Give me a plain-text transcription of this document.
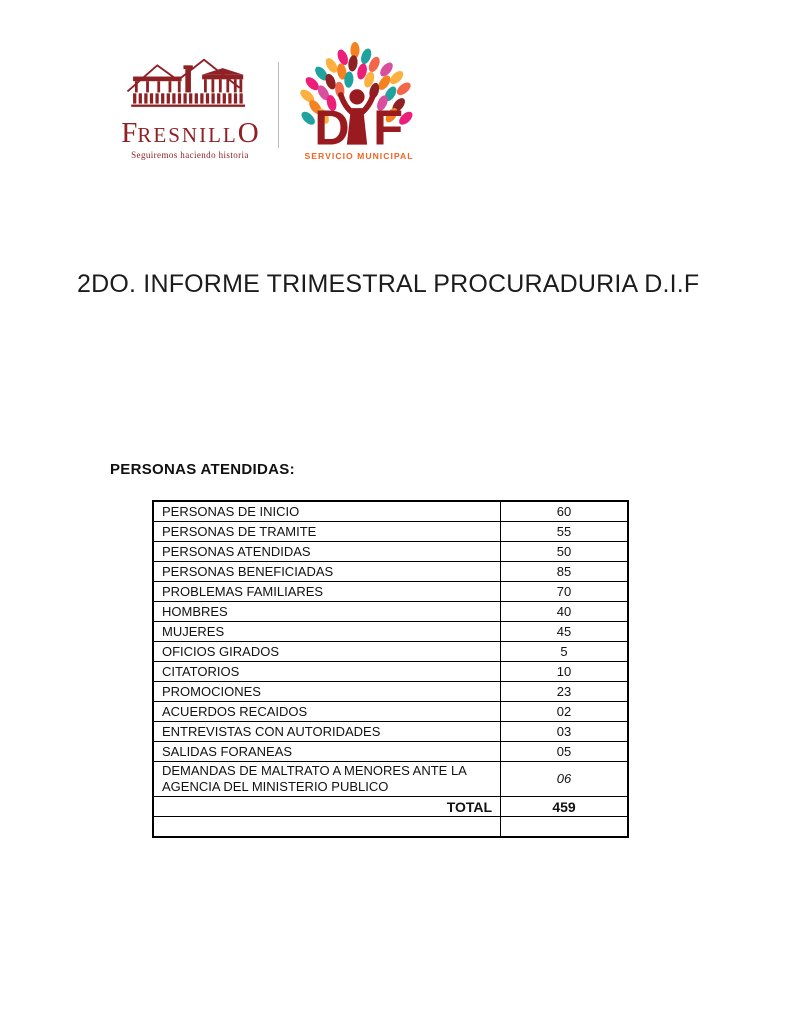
F RESNILL O
Seguiremos haciendo historia	D F
SERVICIO MUNICIPAL
2DO. INFORME TRIMESTRAL PROCURADURIA D.I.F
PERSONAS ATENDIDAS:
PERSONAS DE INICIO	60
PERSONAS DE TRAMITE	55
PERSONAS ATENDIDAS	50
PERSONAS BENEFICIADAS	85
PROBLEMAS FAMILIARES	70
HOMBRES	40
MUJERES	45
OFICIOS GIRADOS	5
CITATORIOS	10
PROMOCIONES	23
ACUERDOS RECAIDOS	02
ENTREVISTAS CON AUTORIDADES	03
SALIDAS FORANEAS	05
DEMANDAS DE MALTRATO A MENORES ANTE LA AGENCIA DEL MINISTERIO PUBLICO	06
TOTAL	459
